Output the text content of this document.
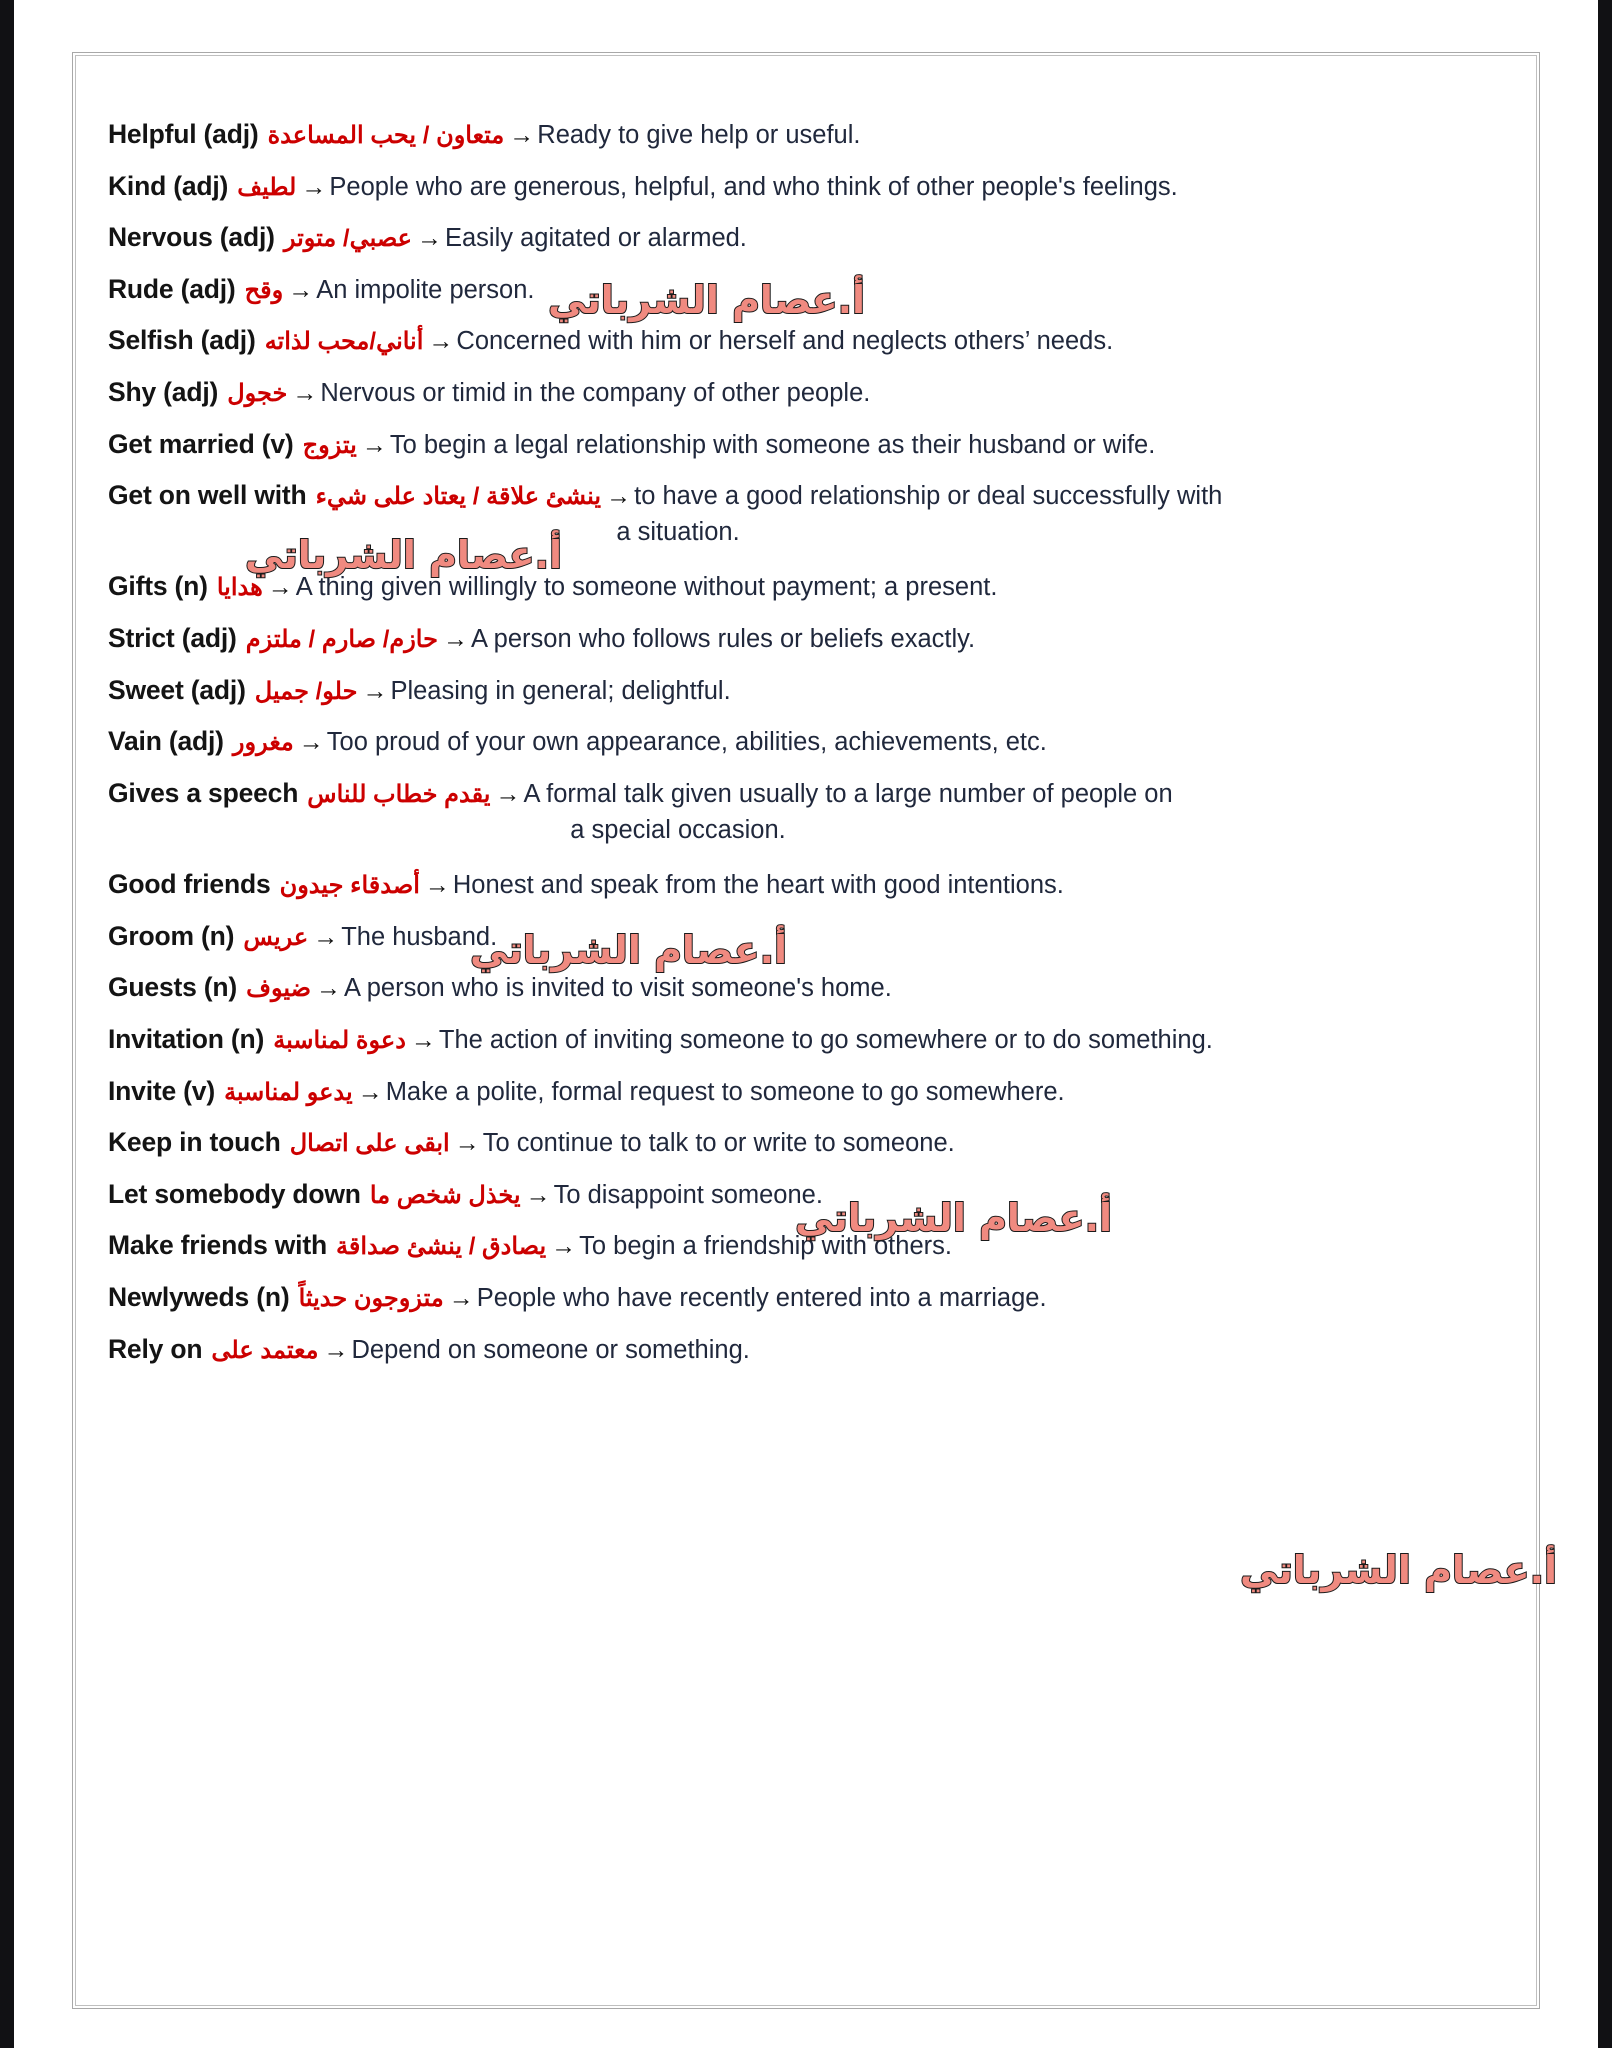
Helpful (adj) متعاون / يحب المساعدة → Ready to give help or useful.
Kind (adj) لطيف → People who are generous, helpful, and who think of other people's feelings.
Nervous (adj) عصبي/ متوتر → Easily agitated or alarmed.
Rude (adj) وقح → An impolite person.
Selfish (adj) أناني/محب لذاته → Concerned with him or herself and neglects others’ needs.
Shy (adj) خجول → Nervous or timid in the company of other people.
Get married (v) يتزوج → To begin a legal relationship with someone as their husband or wife.
Get on well with ينشئ علاقة / يعتاد على شيء → to have a good relationship or deal successfully with
a situation.
Gifts (n) هدايا → A thing given willingly to someone without payment; a present.
Strict (adj) حازم/ صارم / ملتزم → A person who follows rules or beliefs exactly.
Sweet (adj) حلو/ جميل → Pleasing in general; delightful.
Vain (adj) مغرور → Too proud of your own appearance, abilities, achievements, etc.
Gives a speech يقدم خطاب للناس → A formal talk given usually to a large number of people on
a special occasion.
Good friends أصدقاء جيدون → Honest and speak from the heart with good intentions.
Groom (n) عريس → The husband.
Guests (n) ضيوف → A person who is invited to visit someone's home.
Invitation (n) دعوة لمناسبة → The action of inviting someone to go somewhere or to do something.
Invite (v) يدعو لمناسبة → Make a polite, formal request to someone to go somewhere.
Keep in touch ابقى على اتصال → To continue to talk to or write to someone.
Let somebody down يخذل شخص ما → To disappoint someone.
Make friends with يصادق / ينشئ صداقة → To begin a friendship with others.
Newlyweds (n) متزوجون حديثاً → People who have recently entered into a marriage.
Rely on معتمد على → Depend on someone or something.
أ.عصام الشرباتي
أ.عصام الشرباتي
أ.عصام الشرباتي
أ.عصام الشرباتي
أ.عصام الشرباتي
